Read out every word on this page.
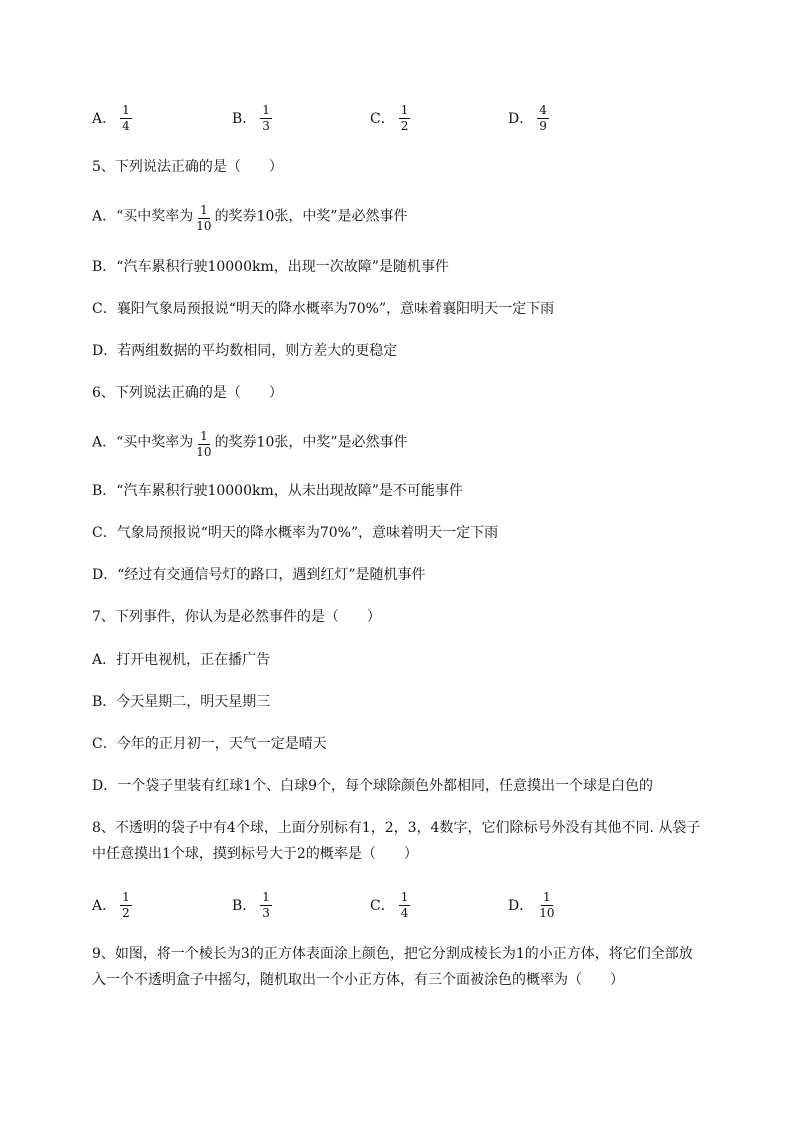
A． $\frac{1}{4}$	B． $\frac{1}{3}$	C． $\frac{1}{2}$	D． $\frac{4}{9}$
5、下列说法正确的是（　　）
A．“买中奖率为 $\frac{1}{10}$ 的奖券10张，中奖”是必然事件
B．“汽车累积行驶10000km，出现一次故障”是随机事件
C．襄阳气象局预报说“明天的降水概率为70%”，意味着襄阳明天一定下雨
D．若两组数据的平均数相同，则方差大的更稳定
6、下列说法正确的是（　　）
A．“买中奖率为 $\frac{1}{10}$ 的奖券10张，中奖”是必然事件
B．“汽车累积行驶10000km，从未出现故障”是不可能事件
C．气象局预报说“明天的降水概率为70%”，意味着明天一定下雨
D．“经过有交通信号灯的路口，遇到红灯”是随机事件
7、下列事件，你认为是必然事件的是（　　）
A．打开电视机，正在播广告
B．今天星期二，明天星期三
C．今年的正月初一，天气一定是晴天
D．一个袋子里装有红球1个、白球9个，每个球除颜色外都相同，任意摸出一个球是白色的
8、不透明的袋子中有4个球，上面分别标有1，2，3，4数字，它们除标号外没有其他不同. 从袋子
中任意摸出1个球，摸到标号大于2的概率是（　　）
A． $\frac{1}{2}$	B． $\frac{1}{3}$	C． $\frac{1}{4}$	D． $\frac{1}{10}$
9、如图，将一个棱长为3的正方体表面涂上颜色，把它分割成棱长为1的小正方体，将它们全部放
入一个不透明盒子中摇匀，随机取出一个小正方体，有三个面被涂色的概率为（　　）
